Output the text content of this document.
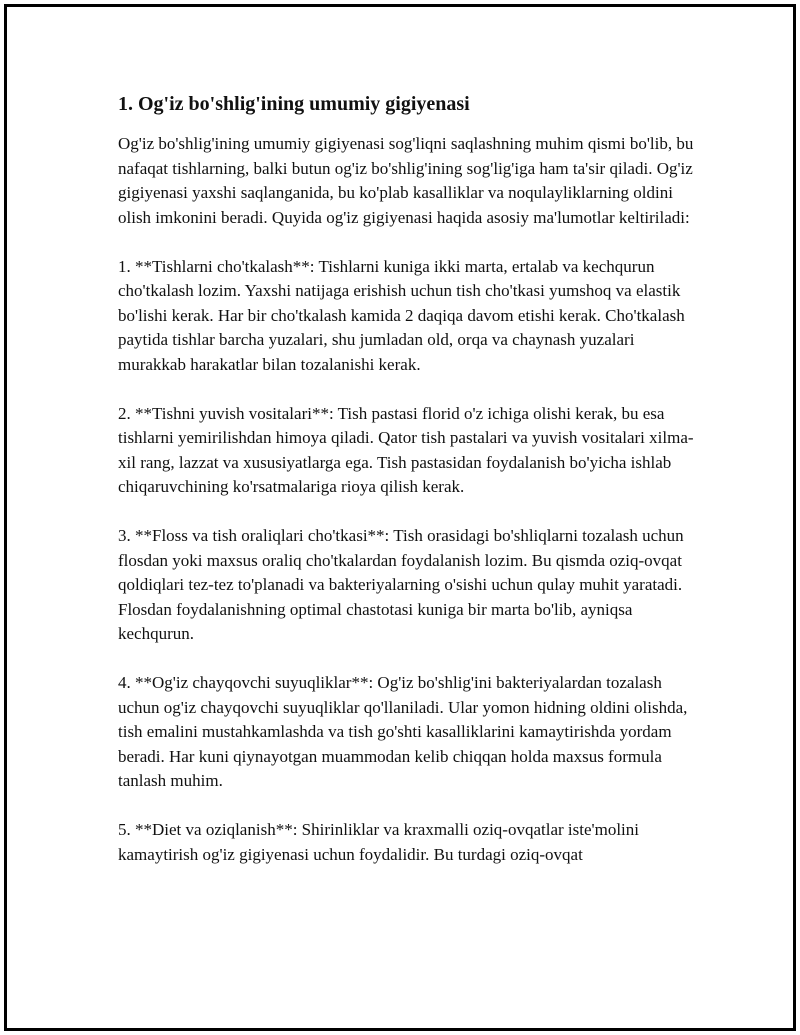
1. Og'iz bo'shlig'ining umumiy gigiyenasi

Og'iz bo'shlig'ining umumiy gigiyenasi sog'liqni saqlashning muhim qismi bo'lib, bu nafaqat tishlarning, balki butun og'iz bo'shlig'ining sog'lig'iga ham ta'sir qiladi. Og'iz gigiyenasi yaxshi saqlanganida, bu ko'plab kasalliklar va noqulayliklarning oldini olish imkonini beradi. Quyida og'iz gigiyenasi haqida asosiy ma'lumotlar keltiriladi:

1. **Tishlarni cho'tkalash**: Tishlarni kuniga ikki marta, ertalab va kechqurun cho'tkalash lozim. Yaxshi natijaga erishish uchun tish cho'tkasi yumshoq va elastik bo'lishi kerak. Har bir cho'tkalash kamida 2 daqiqa davom etishi kerak. Cho'tkalash paytida tishlar barcha yuzalari, shu jumladan old, orqa va chaynash yuzalari murakkab harakatlar bilan tozalanishi kerak.

2. **Tishni yuvish vositalari**: Tish pastasi florid o'z ichiga olishi kerak, bu esa tishlarni yemirilishdan himoya qiladi. Qator tish pastalari va yuvish vositalari xilma-xil rang, lazzat va xususiyatlarga ega. Tish pastasidan foydalanish bo'yicha ishlab chiqaruvchining ko'rsatmalariga rioya qilish kerak.

3. **Floss va tish oraliqlari cho'tkasi**: Tish orasidagi bo'shliqlarni tozalash uchun flosdan yoki maxsus oraliq cho'tkalardan foydalanish lozim. Bu qismda oziq-ovqat qoldiqlari tez-tez to'planadi va bakteriyalarning o'sishi uchun qulay muhit yaratadi. Flosdan foydalanishning optimal chastotasi kuniga bir marta bo'lib, ayniqsa kechqurun.

4. **Og'iz chayqovchi suyuqliklar**: Og'iz bo'shlig'ini bakteriyalardan tozalash uchun og'iz chayqovchi suyuqliklar qo'llaniladi. Ular yomon hidning oldini olishda, tish emalini mustahkamlashda va tish go'shti kasalliklarini kamaytirishda yordam beradi. Har kuni qiynayotgan muammodan kelib chiqqan holda maxsus formula tanlash muhim.

5. **Diet va oziqlanish**: Shirinliklar va kraxmalli oziq-ovqatlar iste'molini kamaytirish og'iz gigiyenasi uchun foydalidir. Bu turdagi oziq-ovqat
